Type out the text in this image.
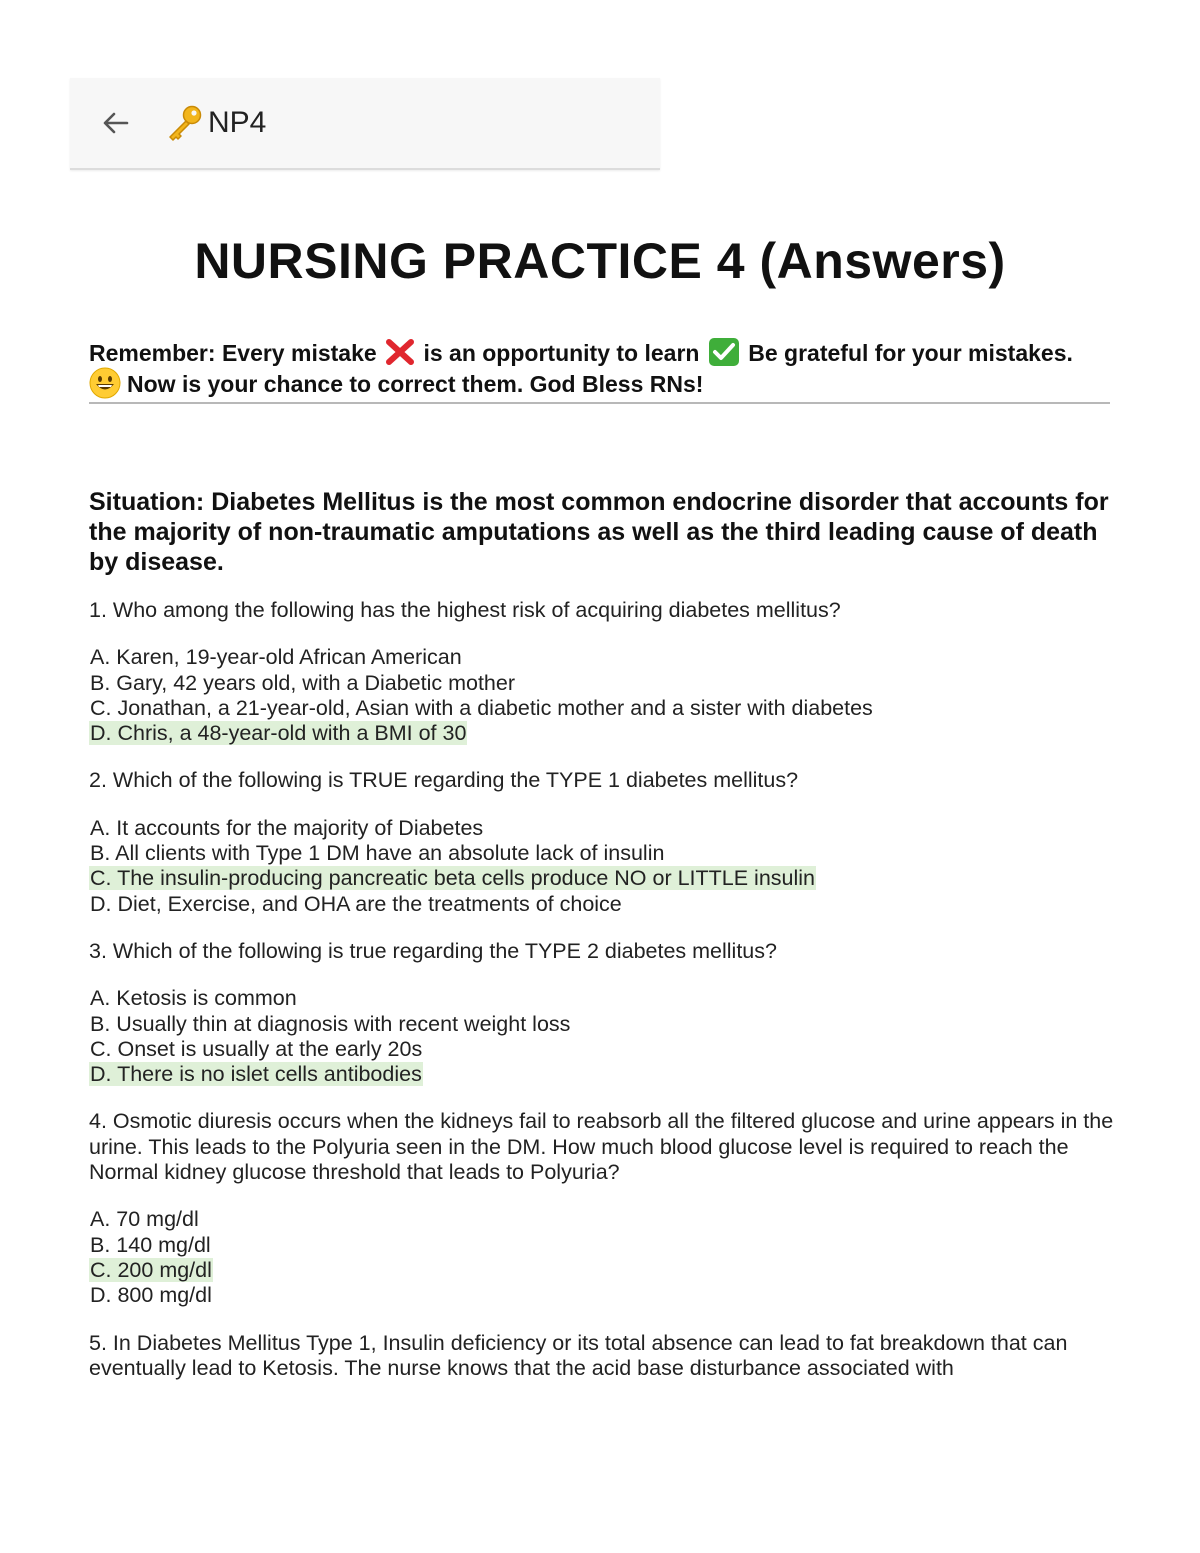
NP4
NURSING PRACTICE 4 (Answers)
Remember: Every mistake is an opportunity to learn Be grateful for your mistakes.
Now is your chance to correct them. God Bless RNs!
Situation: Diabetes Mellitus is the most common endocrine disorder that accounts for the majority of non-traumatic amputations as well as the third leading cause of death by disease.
1. Who among the following has the highest risk of acquiring diabetes mellitus?
A. Karen, 19-year-old African American
B. Gary, 42 years old, with a Diabetic mother
C. Jonathan, a 21-year-old, Asian with a diabetic mother and a sister with diabetes
D. Chris, a 48-year-old with a BMI of 30
2. Which of the following is TRUE regarding the TYPE 1 diabetes mellitus?
A. It accounts for the majority of Diabetes
B. All clients with Type 1 DM have an absolute lack of insulin
C. The insulin-producing pancreatic beta cells produce NO or LITTLE insulin
D. Diet, Exercise, and OHA are the treatments of choice
3. Which of the following is true regarding the TYPE 2 diabetes mellitus?
A. Ketosis is common
B. Usually thin at diagnosis with recent weight loss
C. Onset is usually at the early 20s
D. There is no islet cells antibodies
4. Osmotic diuresis occurs when the kidneys fail to reabsorb all the filtered glucose and urine appears in the urine. This leads to the Polyuria seen in the DM. How much blood glucose level is required to reach the Normal kidney glucose threshold that leads to Polyuria?
A. 70 mg/dl
B. 140 mg/dl
C. 200 mg/dl
D. 800 mg/dl
5. In Diabetes Mellitus Type 1, Insulin deficiency or its total absence can lead to fat breakdown that can eventually lead to Ketosis. The nurse knows that the acid base disturbance associated with
